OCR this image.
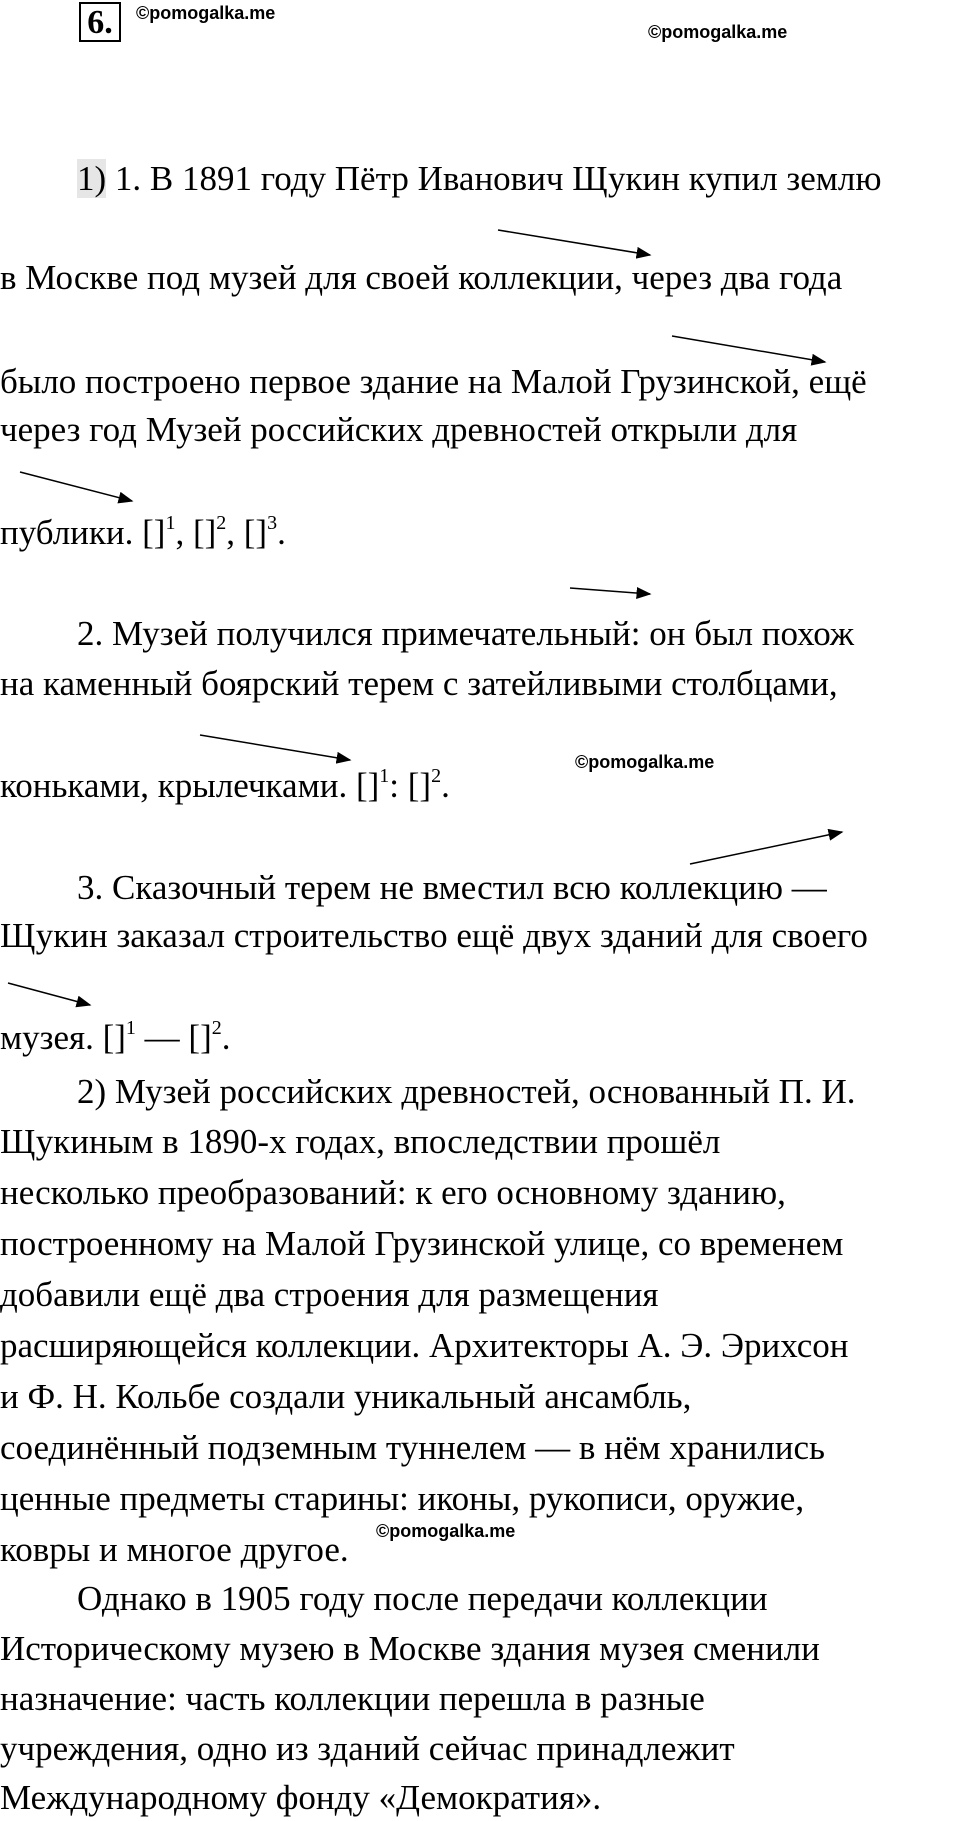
6.	©pomogalka.me
©pomogalka.me
1) 1. В 1891 году Пётр Иванович Щукин купил землю
в Москве под музей для своей коллекции, через два года
было построено первое здание на Малой Грузинской, ещё
через год Музей российских древностей открыли для
публики. []$^1$, []$^2$, []$^3$.
2. Музей получился примечательный: он был похож
на каменный боярский терем с затейливыми столбцами,
коньками, крылечками. []$^1$: []$^2$.
©pomogalka.me
3. Сказочный терем не вместил всю коллекцию —
Щукин заказал строительство ещё двух зданий для своего
музея. []$^1$ — []$^2$.
2) Музей российских древностей, основанный П. И.
Щукиным в 1890-х годах, впоследствии прошёл
несколько преобразований: к его основному зданию,
построенному на Малой Грузинской улице, со временем
добавили ещё два строения для размещения
расширяющейся коллекции. Архитекторы А. Э. Эрихсон
и Ф. Н. Кольбе создали уникальный ансамбль,
соединённый подземным туннелем — в нём хранились
ценные предметы старины: иконы, рукописи, оружие,
ковры и многое другое. ©pomogalka.me
Однако в 1905 году после передачи коллекции
Историческому музею в Москве здания музея сменили
назначение: часть коллекции перешла в разные
учреждения, одно из зданий сейчас принадлежит
Международному фонду «Демократия».
